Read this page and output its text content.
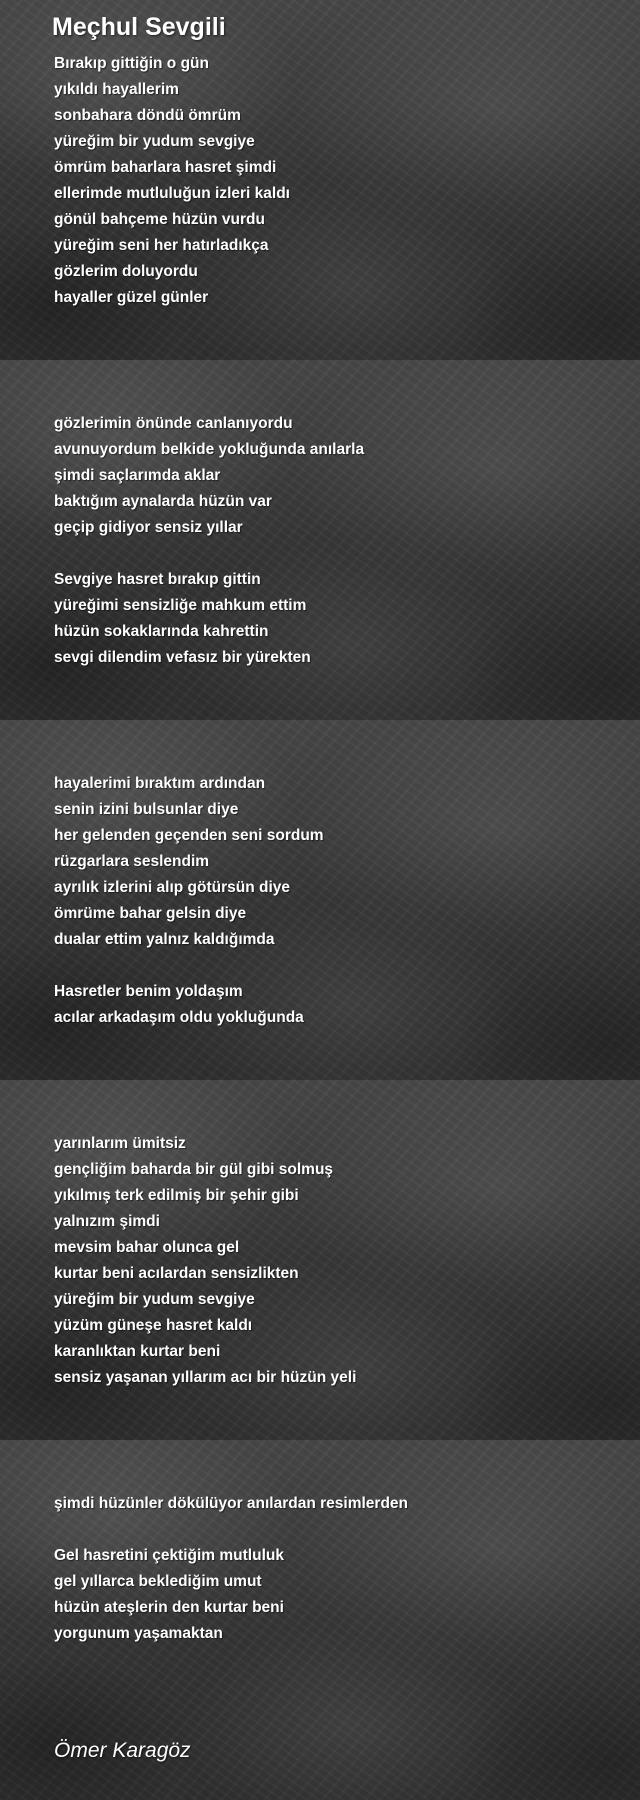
Meçhul Sevgili
Bırakıp gittiğin o gün
yıkıldı hayallerim
sonbahara döndü ömrüm
yüreğim bir yudum sevgiye
ömrüm baharlara hasret şimdi
ellerimde mutluluğun izleri kaldı
gönül bahçeme hüzün vurdu
yüreğim seni her hatırladıkça
gözlerim doluyordu
hayaller güzel günler
gözlerimin önünde canlanıyordu
avunuyordum belkide yokluğunda anılarla
şimdi saçlarımda aklar
baktığım aynalarda hüzün var
geçip gidiyor sensiz yıllar
Sevgiye hasret bırakıp gittin
yüreğimi sensizliğe mahkum ettim
hüzün sokaklarında kahrettin
sevgi dilendim vefasız bir yürekten
hayalerimi bıraktım ardından
senin izini bulsunlar diye
her gelenden geçenden seni sordum
rüzgarlara seslendim
ayrılık izlerini alıp götürsün diye
ömrüme bahar gelsin diye
dualar ettim yalnız kaldığımda
Hasretler benim yoldaşım
acılar arkadaşım oldu yokluğunda
yarınlarım ümitsiz
gençliğim baharda bir gül gibi solmuş
yıkılmış terk edilmiş bir şehir gibi
yalnızım şimdi
mevsim bahar olunca gel
kurtar beni acılardan sensizlikten
yüreğim bir yudum sevgiye
yüzüm güneşe hasret kaldı
karanlıktan kurtar beni
sensiz yaşanan yıllarım acı bir hüzün yeli
şimdi hüzünler dökülüyor anılardan resimlerden
Gel hasretini çektiğim mutluluk
gel yıllarca beklediğim umut
hüzün ateşlerin den kurtar beni
yorgunum yaşamaktan

Ömer Karagöz
